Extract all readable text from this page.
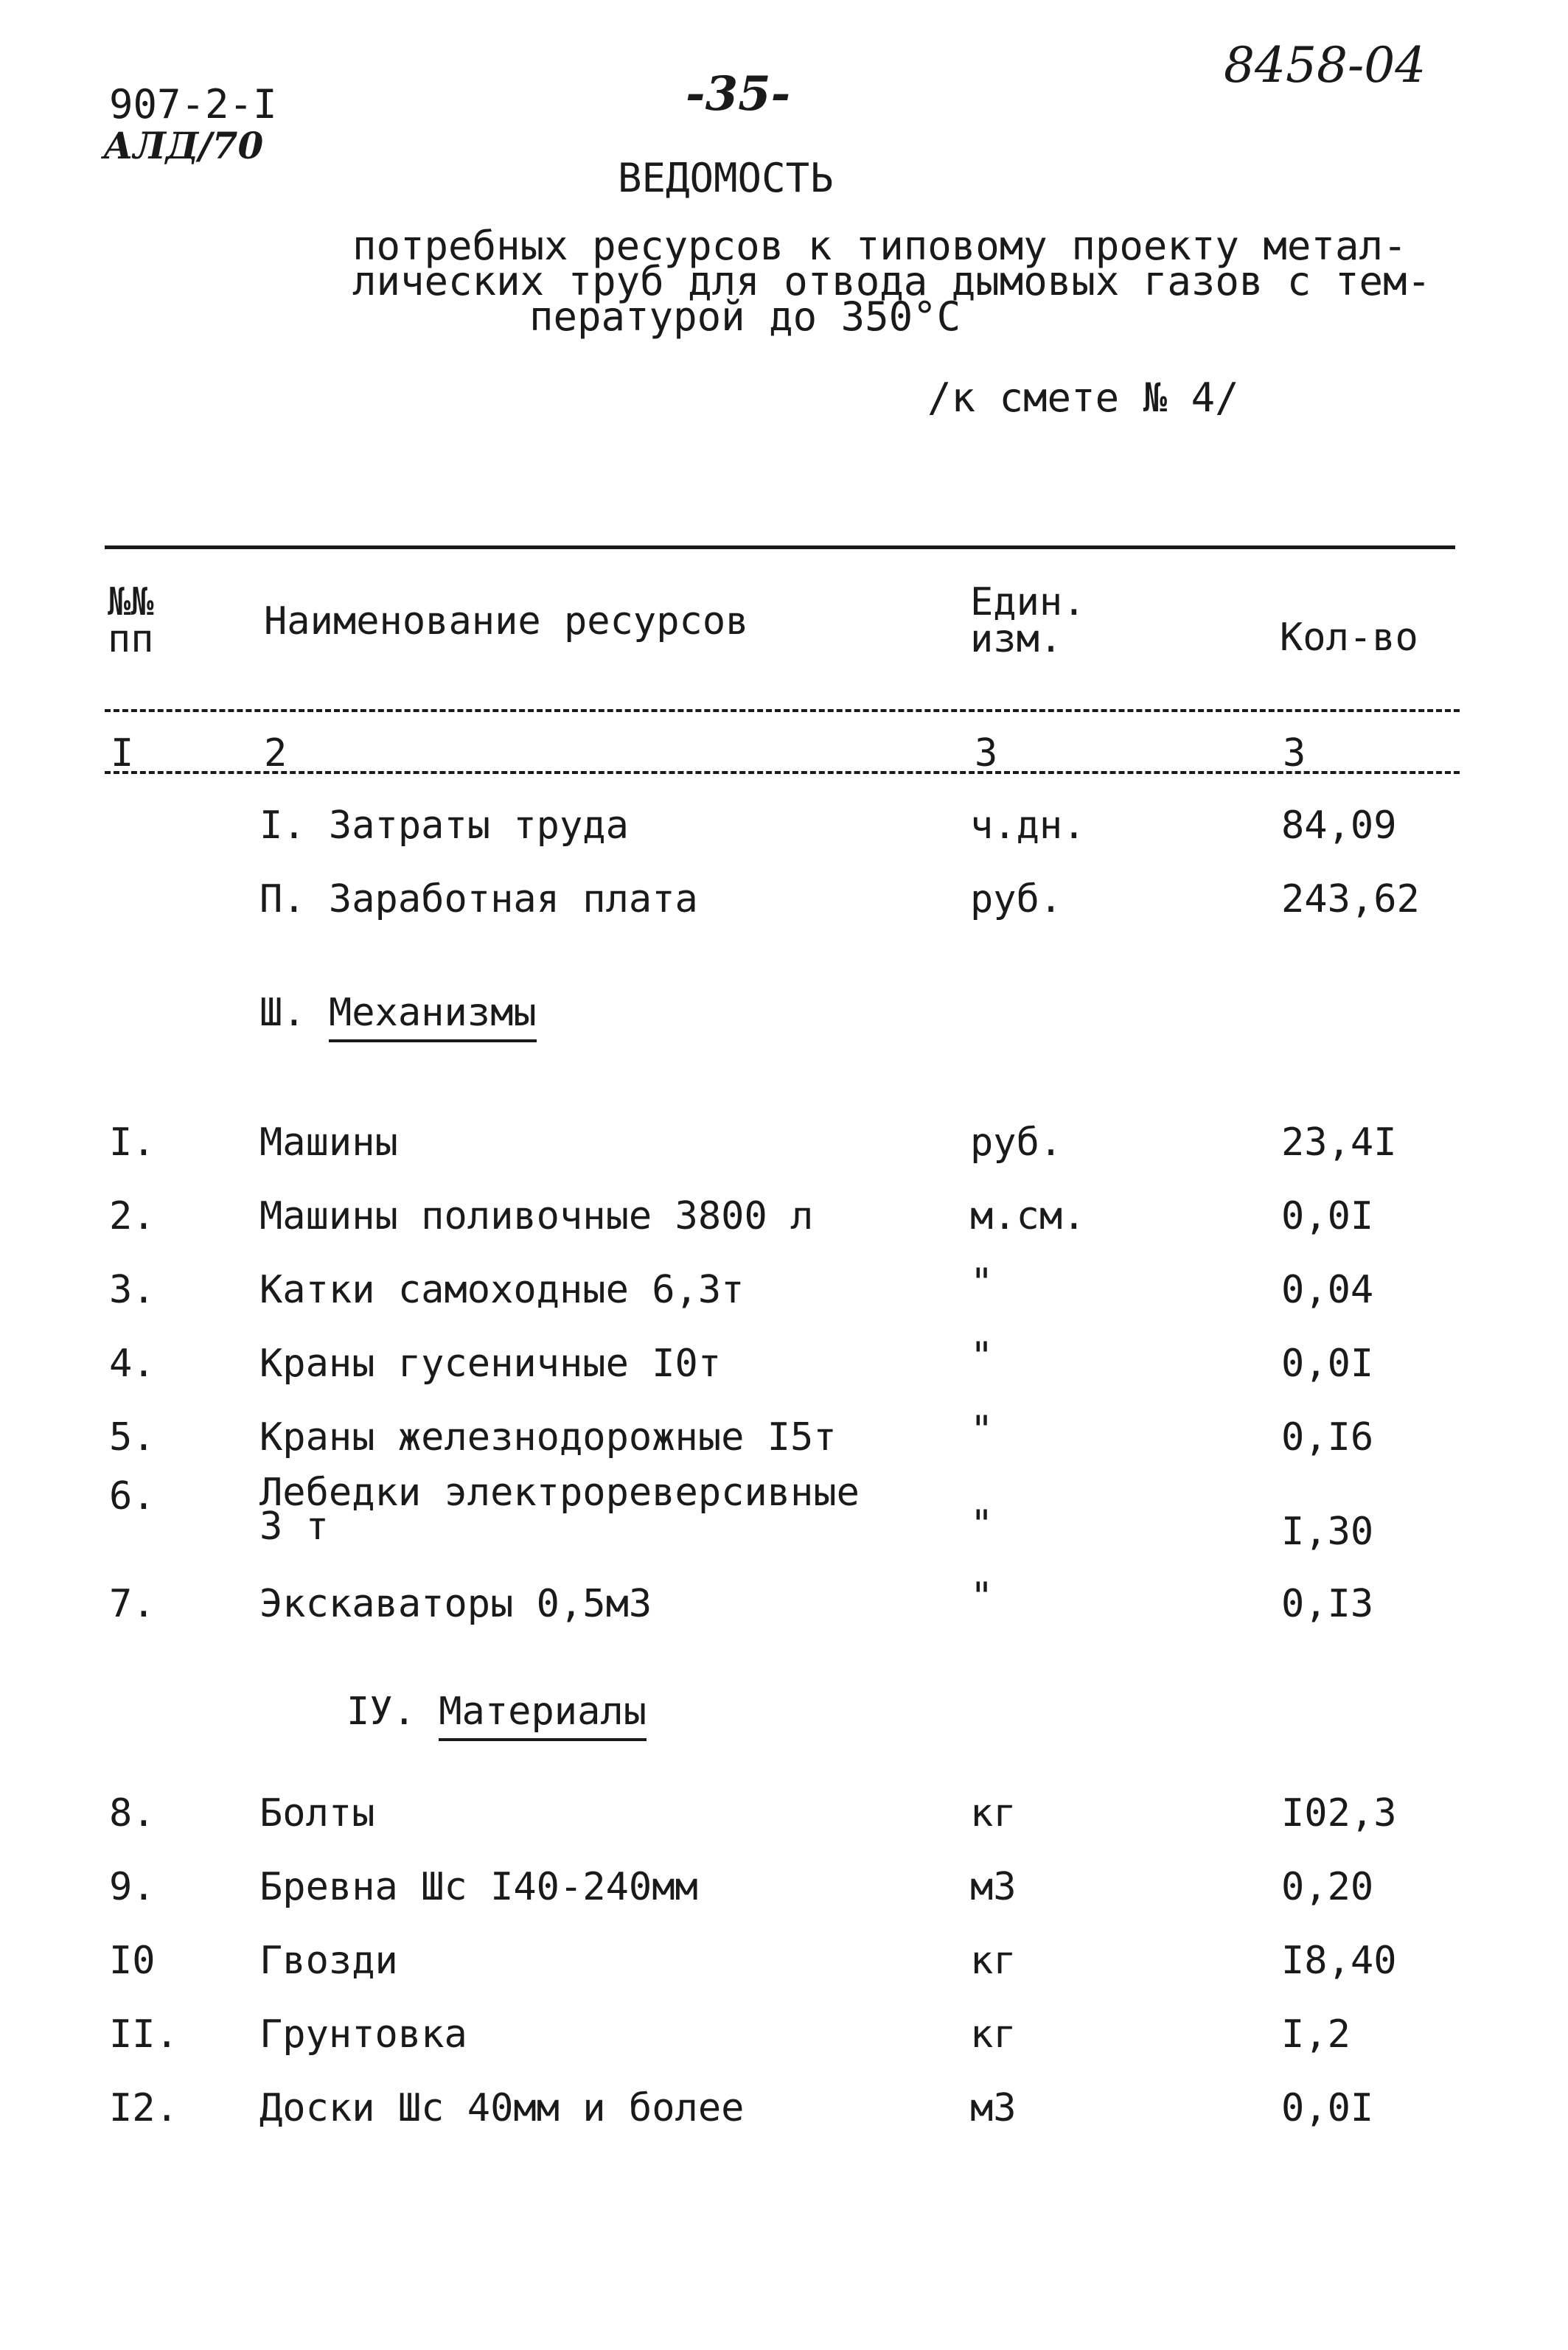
907-2-I
АЛД/70
-35-
8458-04
ВЕДОМОСТЬ
потребных ресурсов к типовому проекту метал-
лических труб для отвода дымовых газов с тем-
пературой до 350°С
/к смете № 4/
№№
пп	Наименование ресурсов	Един.
изм.	Кол-во
I	2	3	3
I. Затраты труда	ч.дн.	84,09
П. Заработная плата	руб.	243,62
Ш. Механизмы
I.	Машины	руб.	23,4I
2.	Машины поливочные 3800 л	м.см.	0,0I
3.	Катки самоходные 6,3т	"	0,04
4.	Краны гусеничные I0т	"	0,0I
5.	Краны железнодорожные I5т	"	0,I6
6.	Лебедки электрореверсивные
3 т	"	I,30
7.	Экскаваторы 0,5м3	"	0,I3
IУ. Материалы
8.	Болты	кг	I02,3
9.	Бревна Шс I40-240мм	м3	0,20
I0	Гвозди	кг	I8,40
II. Грунтовка	кг	I,2
I2. Доски Шс 40мм и более	м3	0,0I
